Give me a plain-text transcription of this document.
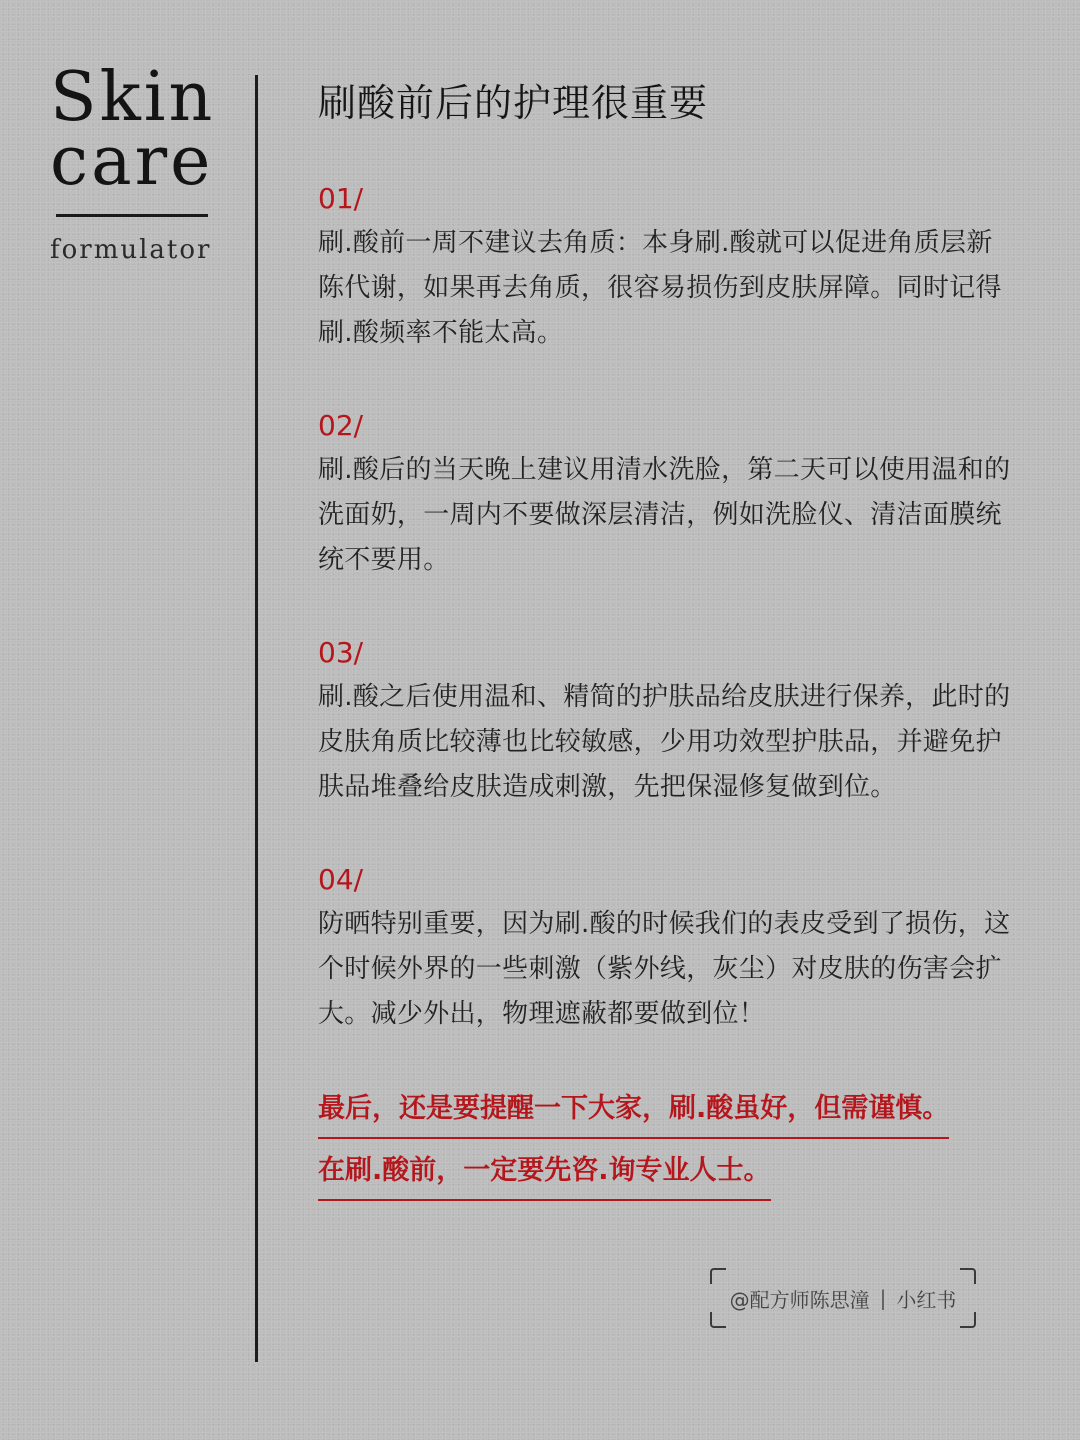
Skin
care
formulator
刷酸前后的护理很重要
01/
刷.酸前一周不建议去角质：本身刷.酸就可以促进角质层新陈代谢，如果再去角质，很容易损伤到皮肤屏障。同时记得刷.酸频率不能太高。
02/
刷.酸后的当天晚上建议用清水洗脸，第二天可以使用温和的洗面奶，一周内不要做深层清洁，例如洗脸仪、清洁面膜统统不要用。
03/
刷.酸之后使用温和、精简的护肤品给皮肤进行保养，此时的皮肤角质比较薄也比较敏感，少用功效型护肤品，并避免护肤品堆叠给皮肤造成刺激，先把保湿修复做到位。
04/
防晒特别重要，因为刷.酸的时候我们的表皮受到了损伤，这个时候外界的一些刺激（紫外线，灰尘）对皮肤的伤害会扩大。减少外出，物理遮蔽都要做到位！
最后，还是要提醒一下大家，刷.酸虽好，但需谨慎。
在刷.酸前，一定要先咨.询专业人士。
@配方师陈思潼 | 小红书
